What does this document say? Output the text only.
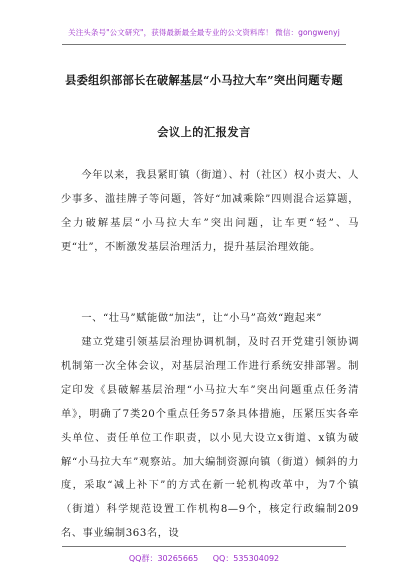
关注头条号"公文研究"，获得最新最全最专业的公文资料库！ 微信：gongwenyj
县委组织部部长在破解基层“小马拉大车”突出问题专题
会议上的汇报发言
今年以来，我县紧盯镇（街道）、村（社区）权小责大、人少事多、滥挂牌子等问题，答好“加减乘除”四则混合运算题，全力破解基层“小马拉大车”突出问题，让车更“轻”、马更“壮”，不断激发基层治理活力，提升基层治理效能。
一、“壮马”赋能做“加法”，让“小马”高效“跑起来”
建立党建引领基层治理协调机制，及时召开党建引领协调机制第一次全体会议，对基层治理工作进行系统安排部署。制定印发《县破解基层治理“小马拉大车”突出问题重点任务清单》，明确了7类20个重点任务57条具体措施，压紧压实各牵头单位、责任单位工作职责，以小见大设立x街道、x镇为破解“小马拉大车”观察站。加大编制资源向镇（街道）倾斜的力度，采取“减上补下”的方式在新一轮机构改革中，为7个镇（街道）科学规范设置工作机构8—9个，核定行政编制209名、事业编制363名，设
QQ群：30265665 QQ：535304092
